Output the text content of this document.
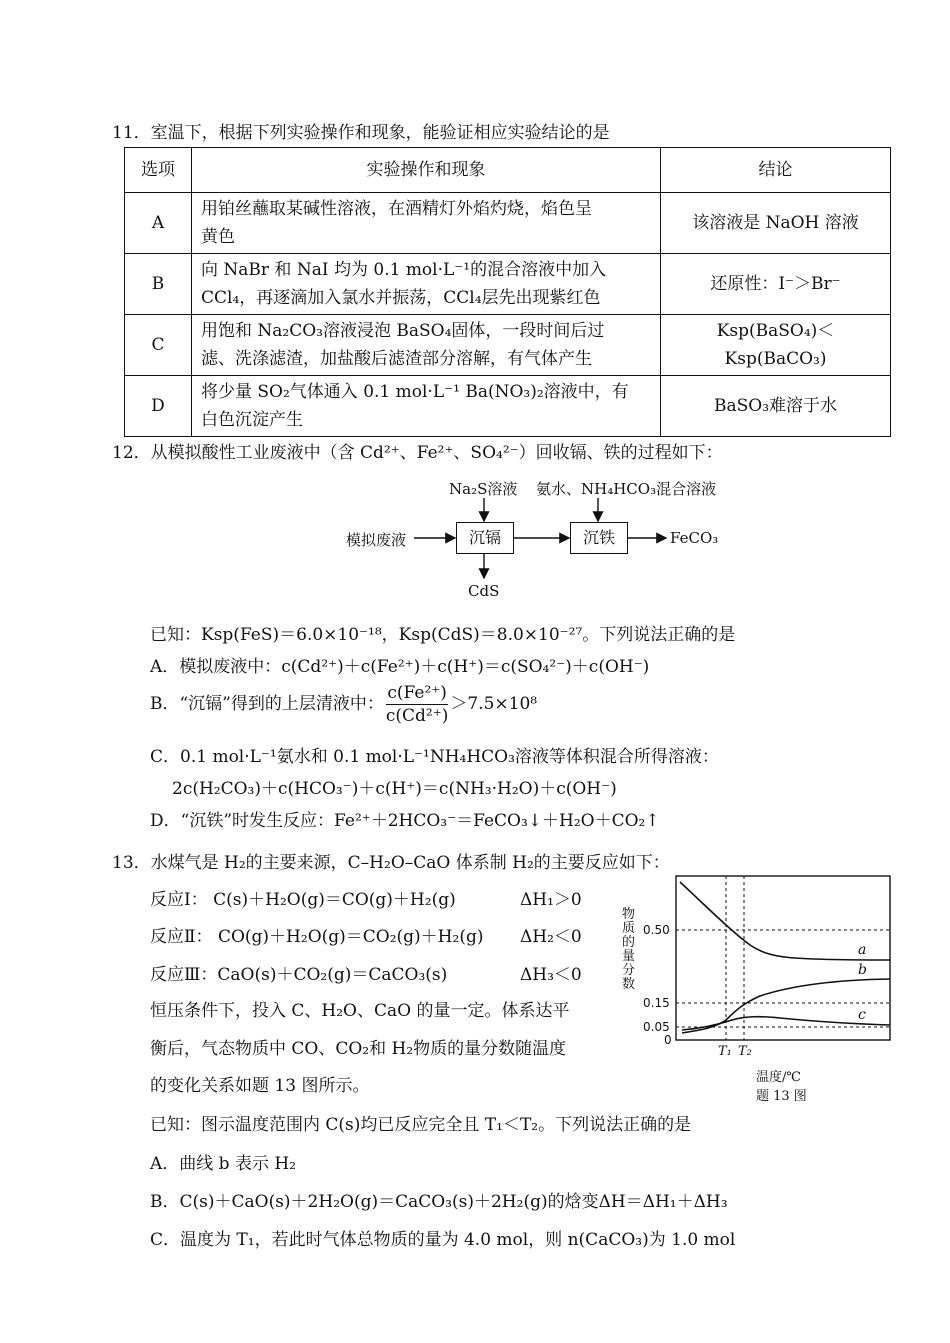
11．室温下，根据下列实验操作和现象，能验证相应实验结论的是
选项	实验操作和现象	结论
A	用铂丝蘸取某碱性溶液，在酒精灯外焰灼烧，焰色呈
黄色	该溶液是 NaOH 溶液
B	向 NaBr 和 NaI 均为 0.1 mol·L⁻¹的混合溶液中加入
CCl₄，再逐滴加入氯水并振荡，CCl₄层先出现紫红色	还原性：I⁻＞Br⁻
C	用饱和 Na₂CO₃溶液浸泡 BaSO₄固体，一段时间后过
滤、洗涤滤渣，加盐酸后滤渣部分溶解，有气体产生	Ksp(BaSO₄)＜Ksp(BaCO₃)
D	将少量 SO₂气体通入 0.1 mol·L⁻¹ Ba(NO₃)₂溶液中，有
白色沉淀产生	BaSO₃难溶于水
12．从模拟酸性工业废液中（含 Cd²⁺、Fe²⁺、SO₄²⁻）回收镉、铁的过程如下：
Na₂S溶液 氨水、NH₄HCO₃混合溶液
模拟废液	沉镉	沉铁	FeCO₃
CdS
已知：Ksp(FeS)＝6.0×10⁻¹⁸，Ksp(CdS)＝8.0×10⁻²⁷。下列说法正确的是
A．模拟废液中：c(Cd²⁺)＋c(Fe²⁺)＋c(H⁺)＝c(SO₄²⁻)＋c(OH⁻)
B．“沉镉”得到的上层清液中： $\frac{\text{c(Fe²⁺)}}{\text{c(Cd²⁺)}} >7.5\times 10^8$
C．0.1 mol·L⁻¹氨水和 0.1 mol·L⁻¹NH₄HCO₃溶液等体积混合所得溶液：
2c(H₂CO₃)＋c(HCO₃⁻)＋c(H⁺)＝c(NH₃·H₂O)＋c(OH⁻)
D．“沉铁”时发生反应：Fe²⁺＋2HCO₃⁻＝FeCO₃↓＋H₂O＋CO₂↑
13．水煤气是 H₂的主要来源，C–H₂O–CaO 体系制 H₂的主要反应如下：
反应Ⅰ： C(s)＋H₂O(g)＝CO(g)＋H₂(g)	ΔH₁＞0
反应Ⅱ： CO(g)＋H₂O(g)＝CO₂(g)＋H₂(g) ΔH₂＜0
反应Ⅲ：CaO(s)＋CO₂(g)＝CaCO₃(s)	ΔH₃＜0
恒压条件下，投入 C、H₂O、CaO 的量一定。体系达平
衡后，气态物质中 CO、CO₂和 H₂物质的量分数随温度
的变化关系如题 13 图所示。
已知：图示温度范围内 C(s)均已反应完全且 T₁＜T₂。下列说法正确的是
A．曲线 b 表示 H₂
B．C(s)＋CaO(s)＋2H₂O(g)＝CaCO₃(s)＋2H₂(g)的焓变ΔH＝ΔH₁＋ΔH₃
C．温度为 T₁，若此时气体总物质的量为 4.0 mol，则 n(CaCO₃)为 1.0 mol
物质的量分数
0.50
0.15
0.05
0
T₁ T₂
a
b
c
温度/℃
题 13 图
